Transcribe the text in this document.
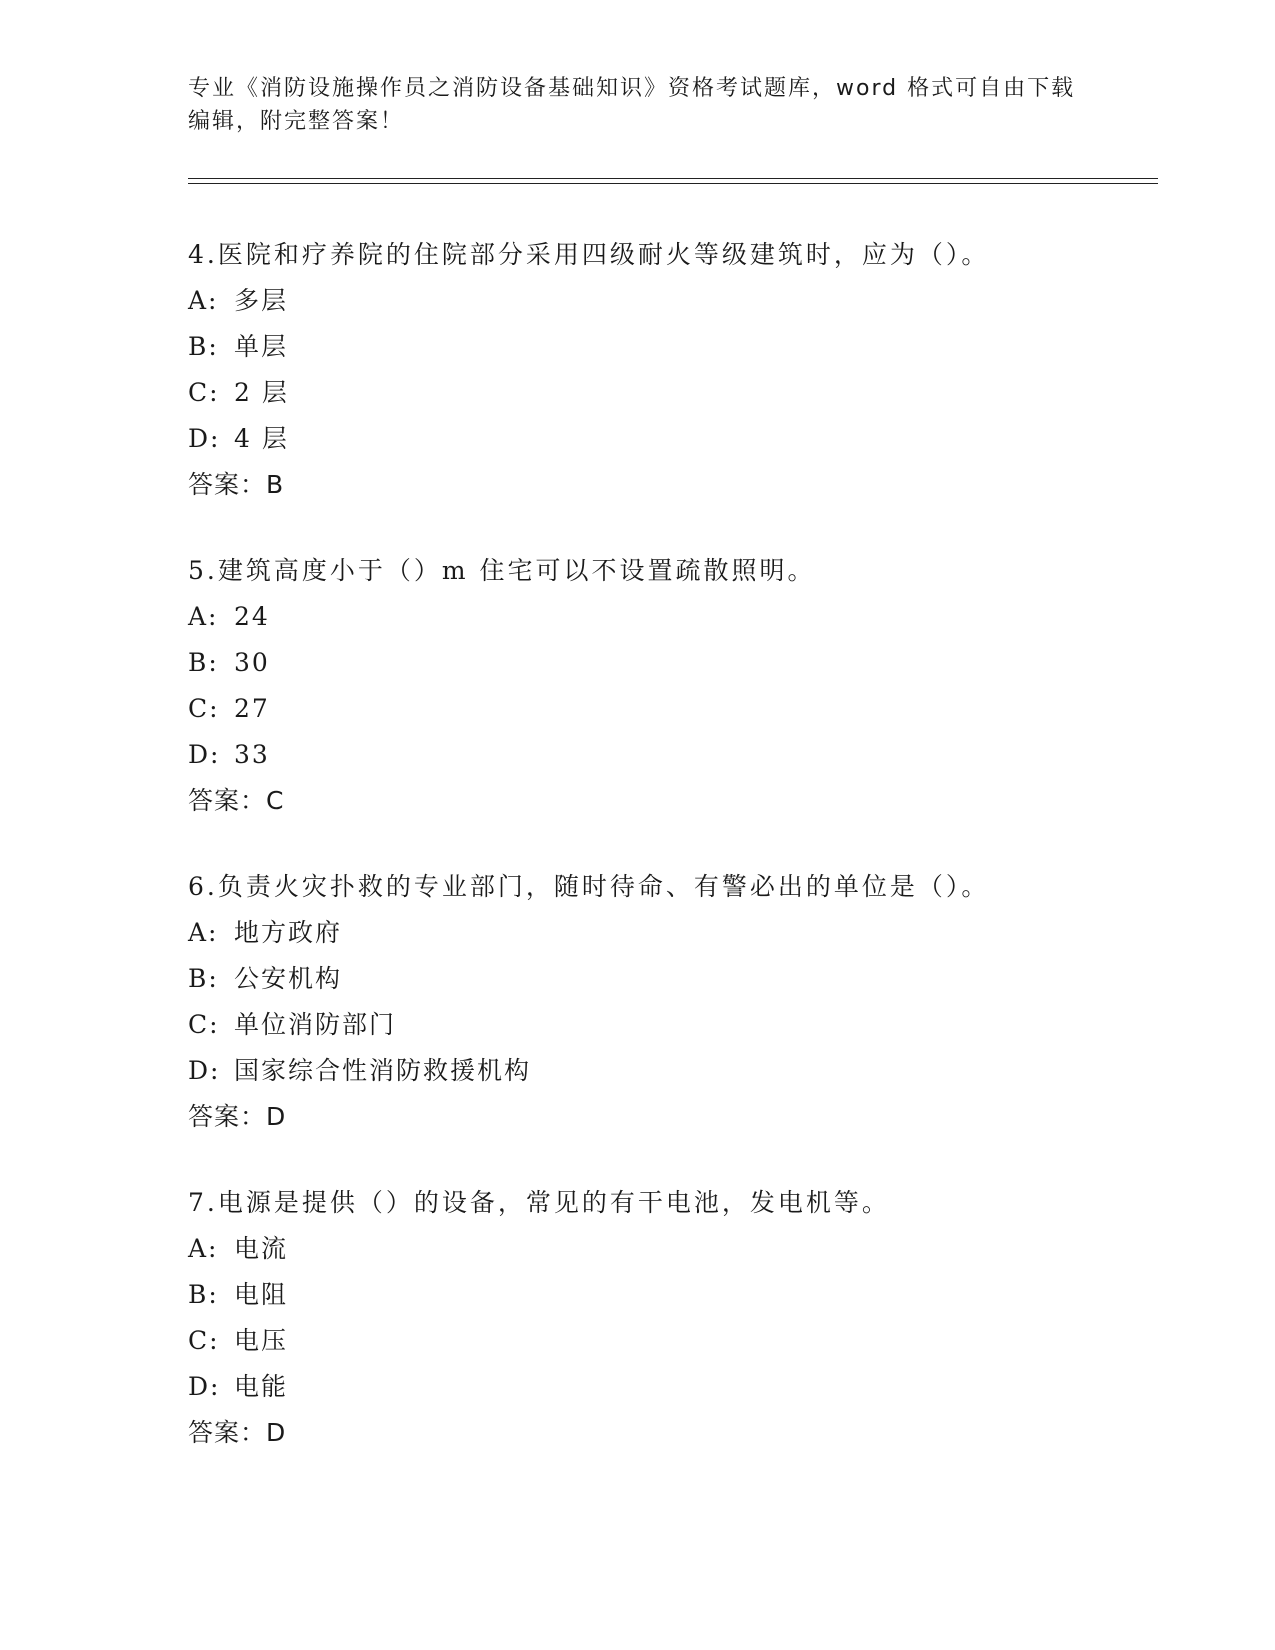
专业《消防设施操作员之消防设备基础知识》资格考试题库，word 格式可自由下载编辑，附完整答案！
4.医院和疗养院的住院部分采用四级耐火等级建筑时，应为（）。
A: 多层
B: 单层
C: 2 层
D: 4 层
答案：B
5.建筑高度小于（）m 住宅可以不设置疏散照明。
A: 24
B: 30
C: 27
D: 33
答案：C
6.负责火灾扑救的专业部门，随时待命、有警必出的单位是（）。
A: 地方政府
B: 公安机构
C: 单位消防部门
D: 国家综合性消防救援机构
答案：D
7.电源是提供（）的设备，常见的有干电池，发电机等。
A: 电流
B: 电阻
C: 电压
D: 电能
答案：D
